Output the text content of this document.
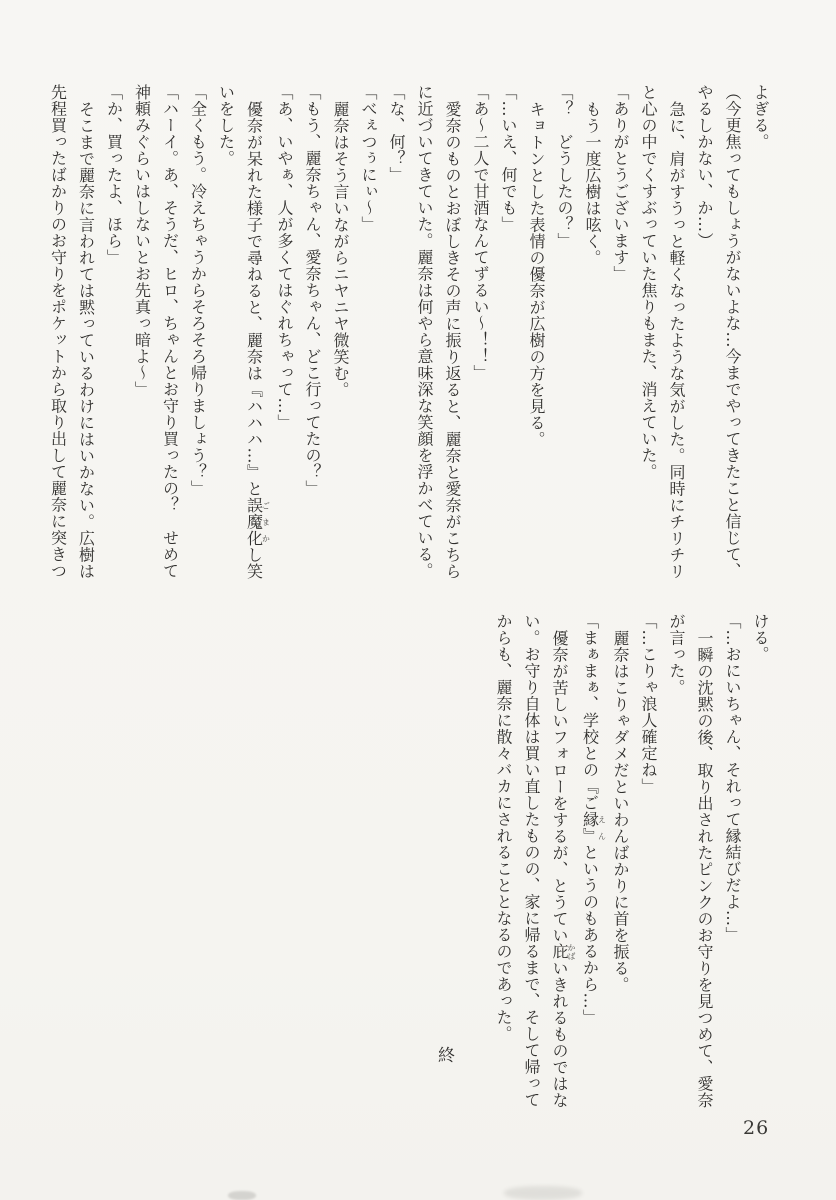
よぎる。

（今更焦ってもしょうがないよな…今までやってきたこと信じて、

やるしかない、か…）

急に、肩がすうっと軽くなったような気がした。同時にチリチリ

と心の中でくすぶっていた焦りもまた、消えていた。

「ありがとうございます」

もう一度広樹は呟く。

「？　どうしたの？」

キョトンとした表情の優奈が広樹の方を見る。

「…いえ、何でも」

「あ〜二人で甘酒なんてずるい〜！！」

愛奈のものとおぼしきその声に振り返ると、麗奈と愛奈がこちら

に近づいてきていた。麗奈は何やら意味深な笑顔を浮かべている。

「な、何？」

「べぇつぅにぃ〜」

麗奈はそう言いながらニヤニヤ微笑む。

「もう、麗奈ちゃん、愛奈ちゃん、どこ行ってたの？」

「あ、いやぁ、人が多くてはぐれちゃって…」

優奈が呆れた様子で尋ねると、麗奈は『ハハハ…』と誤魔化ごまかし笑

いをした。

「全くもう。冷えちゃうからそろそろ帰りましょう？」

「ハーイ。あ、そうだ、ヒロ、ちゃんとお守り買ったの？　せめて

神頼みぐらいはしないとお先真っ暗よ〜」

「か、買ったよ、ほら」

そこまで麗奈に言われては黙っているわけにはいかない。広樹は

先程買ったばかりのお守りをポケットから取り出して麗奈に突きつ

ける。

「…おにいちゃん、それって縁結びだよ…」

一瞬の沈黙の後、取り出されたピンクのお守りを見つめて、愛奈

が言った。

「…こりゃ浪人確定ね」

麗奈はこりゃダメだといわんばかりに首を振る。

「まぁまぁ、学校との『ご縁』えんというのもあるから…」

優奈が苦しいフォローをするが、とうてい庇かばいきれるものではな

い。お守り自体は買い直したものの、家に帰るまで、そして帰って

からも、麗奈に散々バカにされることとなるのであった。

終
26
